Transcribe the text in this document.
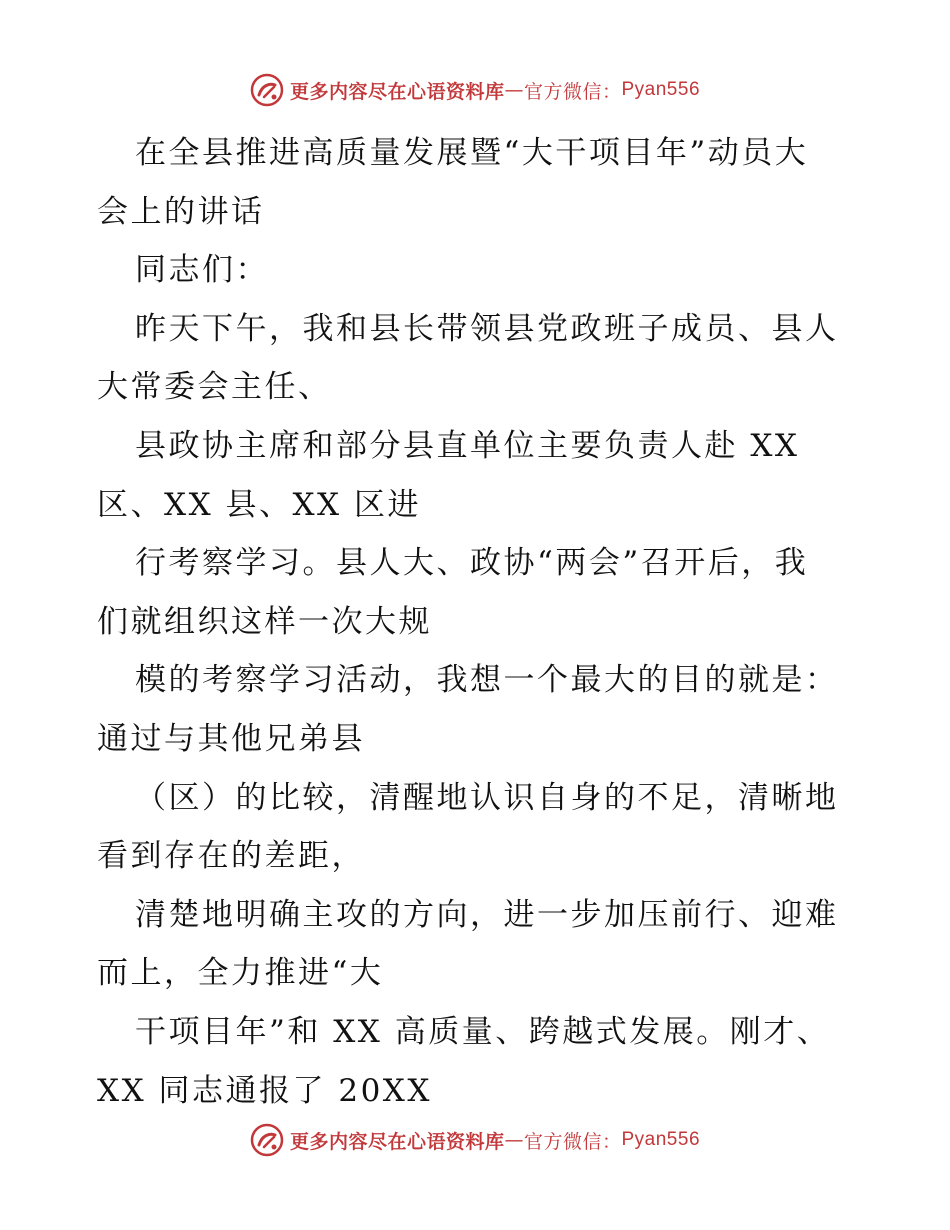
更多内容尽在心语资料库 — 官方微信： Pyan556
在全县推进高质量发展暨“大干项目年”动员大
会上的讲话
同志们：
昨天下午，我和县长带领县党政班子成员、县人
大常委会主任、
县政协主席和部分县直单位主要负责人赴 XX
区、XX 县、XX 区进
行考察学习。县人大、政协“两会”召开后，我
们就组织这样一次大规
模的考察学习活动，我想一个最大的目的就是：
通过与其他兄弟县
（区）的比较，清醒地认识自身的不足，清晰地
看到存在的差距，
清楚地明确主攻的方向，进一步加压前行、迎难
而上，全力推进“大
干项目年”和 XX 高质量、跨越式发展。刚才、
XX 同志通报了 20XX
更多内容尽在心语资料库 — 官方微信： Pyan556
